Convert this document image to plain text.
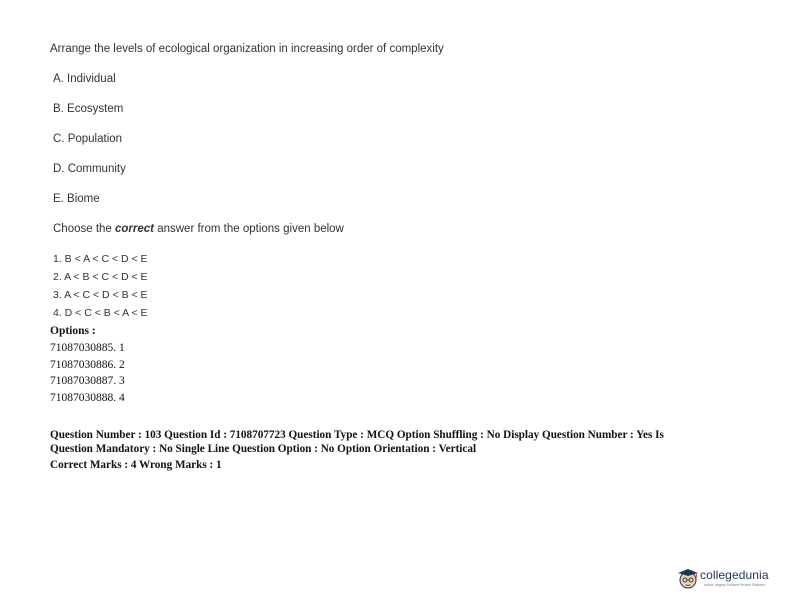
Arrange the levels of ecological organization in increasing order of complexity
A. Individual
B. Ecosystem
C. Population
D. Community
E. Biome
Choose the correct answer from the options given below
1. B < A < C < D < E
2. A < B < C < D < E
3. A < C < D < B < E
4. D < C < B < A < E
Options :
71087030885. 1
71087030886. 2
71087030887. 3
71087030888. 4
Question Number : 103 Question Id : 7108707723 Question Type : MCQ Option Shuffling : No Display Question Number : Yes Is
Question Mandatory : No Single Line Question Option : No Option Orientation : Vertical
Correct Marks : 4 Wrong Marks : 1
collegedunia
India's largest Student Review Platform
